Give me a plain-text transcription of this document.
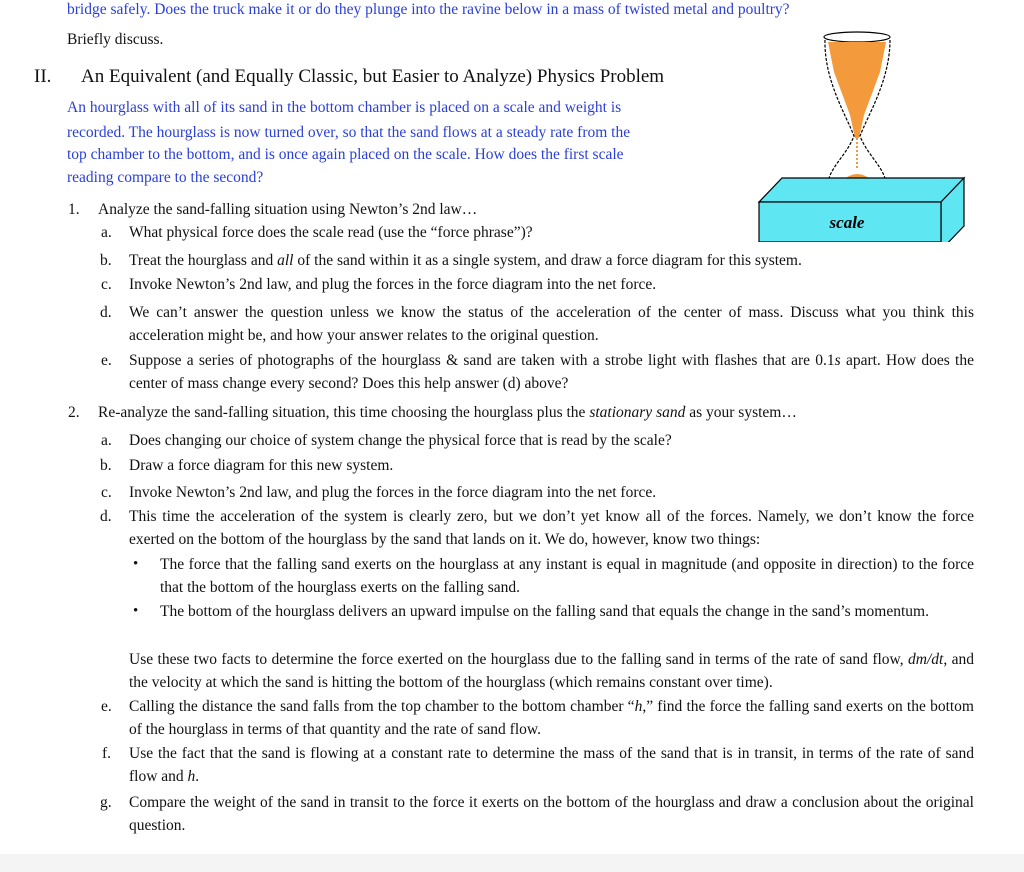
bridge safely. Does the truck make it or do they plunge into the ravine below in a mass of twisted metal and poultry?
Briefly discuss.
II. An Equivalent (and Equally Classic, but Easier to Analyze) Physics Problem
An hourglass with all of its sand in the bottom chamber is placed on a scale and weight is
recorded. The hourglass is now turned over, so that the sand flows at a steady rate from the
top chamber to the bottom, and is once again placed on the scale. How does the first scale
reading compare to the second?
scale
1. Analyze the sand-falling situation using Newton’s 2nd law…
a. What physical force does the scale read (use the “force phrase”)?
b. Treat the hourglass and all of the sand within it as a single system, and draw a force diagram for this system.
c. Invoke Newton’s 2nd law, and plug the forces in the force diagram into the net force.
d. We can’t answer the question unless we know the status of the acceleration of the center of mass. Discuss what you think this acceleration might be, and how your answer relates to the original question.
e. Suppose a series of photographs of the hourglass & sand are taken with a strobe light with flashes that are 0.1s apart. How does the center of mass change every second? Does this help answer (d) above?
2. Re-analyze the sand-falling situation, this time choosing the hourglass plus the stationary sand as your system…
a. Does changing our choice of system change the physical force that is read by the scale?
b. Draw a force diagram for this new system.
c. Invoke Newton’s 2nd law, and plug the forces in the force diagram into the net force.
d. This time the acceleration of the system is clearly zero, but we don’t yet know all of the forces. Namely, we don’t know the force exerted on the bottom of the hourglass by the sand that lands on it. We do, however, know two things:
• The force that the falling sand exerts on the hourglass at any instant is equal in magnitude (and opposite in direction) to the force that the bottom of the hourglass exerts on the falling sand.
• The bottom of the hourglass delivers an upward impulse on the falling sand that equals the change in the sand’s momentum.
Use these two facts to determine the force exerted on the hourglass due to the falling sand in terms of the rate of sand flow, dm/dt, and the velocity at which the sand is hitting the bottom of the hourglass (which remains constant over time).
e. Calling the distance the sand falls from the top chamber to the bottom chamber “h,” find the force the falling sand exerts on the bottom of the hourglass in terms of that quantity and the rate of sand flow.
f. Use the fact that the sand is flowing at a constant rate to determine the mass of the sand that is in transit, in terms of the rate of sand flow and h.
g. Compare the weight of the sand in transit to the force it exerts on the bottom of the hourglass and draw a conclusion about the original question.
